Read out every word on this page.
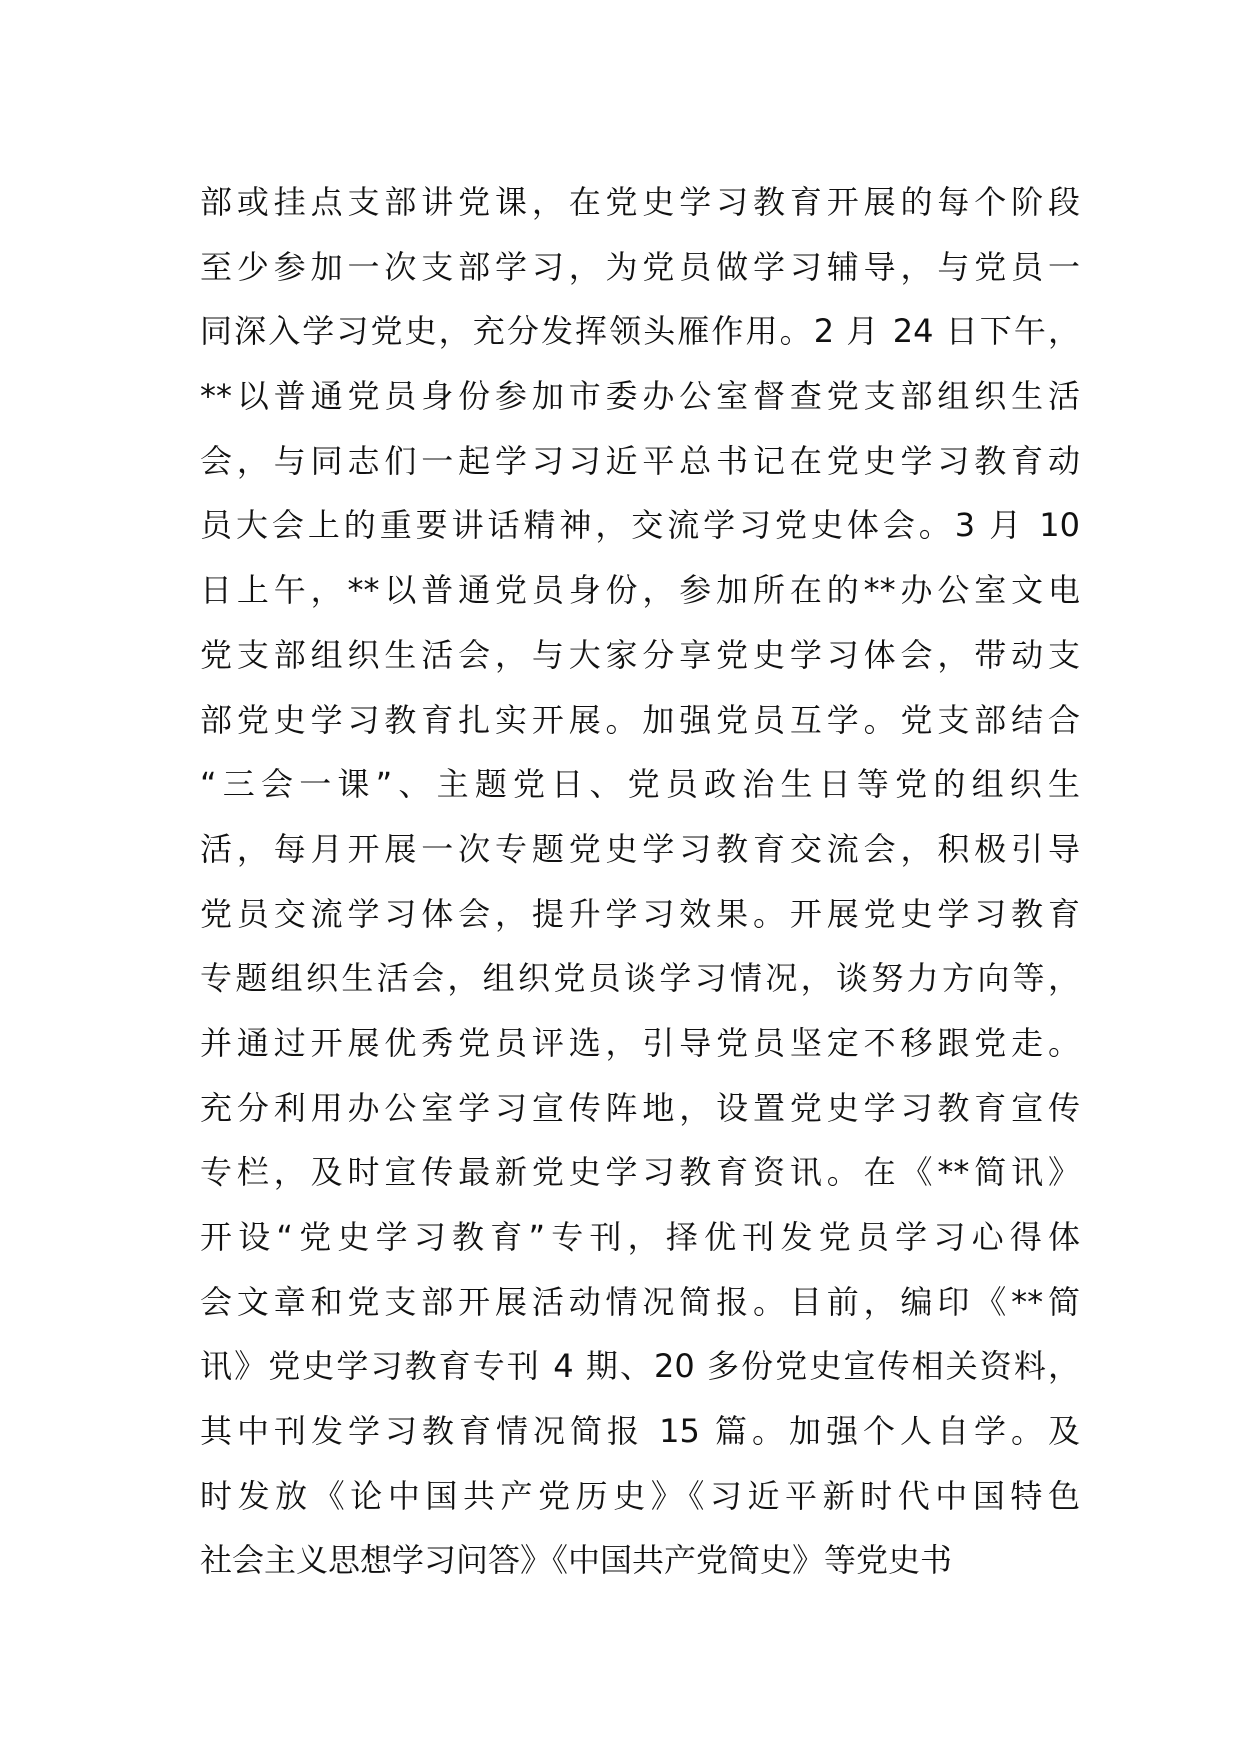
部或挂点支部讲党课，在党史学习教育开展的每个阶段
至少参加一次支部学习，为党员做学习辅导，与党员一
同深入学习党史，充分发挥领头雁作用。2 月 24 日下午，
**以普通党员身份参加市委办公室督查党支部组织生活
会，与同志们一起学习习近平总书记在党史学习教育动
员大会上的重要讲话精神，交流学习党史体会。3 月 10
日上午，**以普通党员身份，参加所在的**办公室文电
党支部组织生活会，与大家分享党史学习体会，带动支
部党史学习教育扎实开展。加强党员互学。党支部结合
“三会一课”、主题党日、党员政治生日等党的组织生
活，每月开展一次专题党史学习教育交流会，积极引导
党员交流学习体会，提升学习效果。开展党史学习教育
专题组织生活会，组织党员谈学习情况，谈努力方向等，
并通过开展优秀党员评选，引导党员坚定不移跟党走。
充分利用办公室学习宣传阵地，设置党史学习教育宣传
专栏，及时宣传最新党史学习教育资讯。在《**简讯》
开设“党史学习教育”专刊，择优刊发党员学习心得体
会文章和党支部开展活动情况简报。目前，编印《**简
讯》党史学习教育专刊 4 期、20 多份党史宣传相关资料，
其中刊发学习教育情况简报 15 篇。加强个人自学。及
时发放《论中国共产党历史》《习近平新时代中国特色
社会主义思想学习问答》《中国共产党简史》等党史书
